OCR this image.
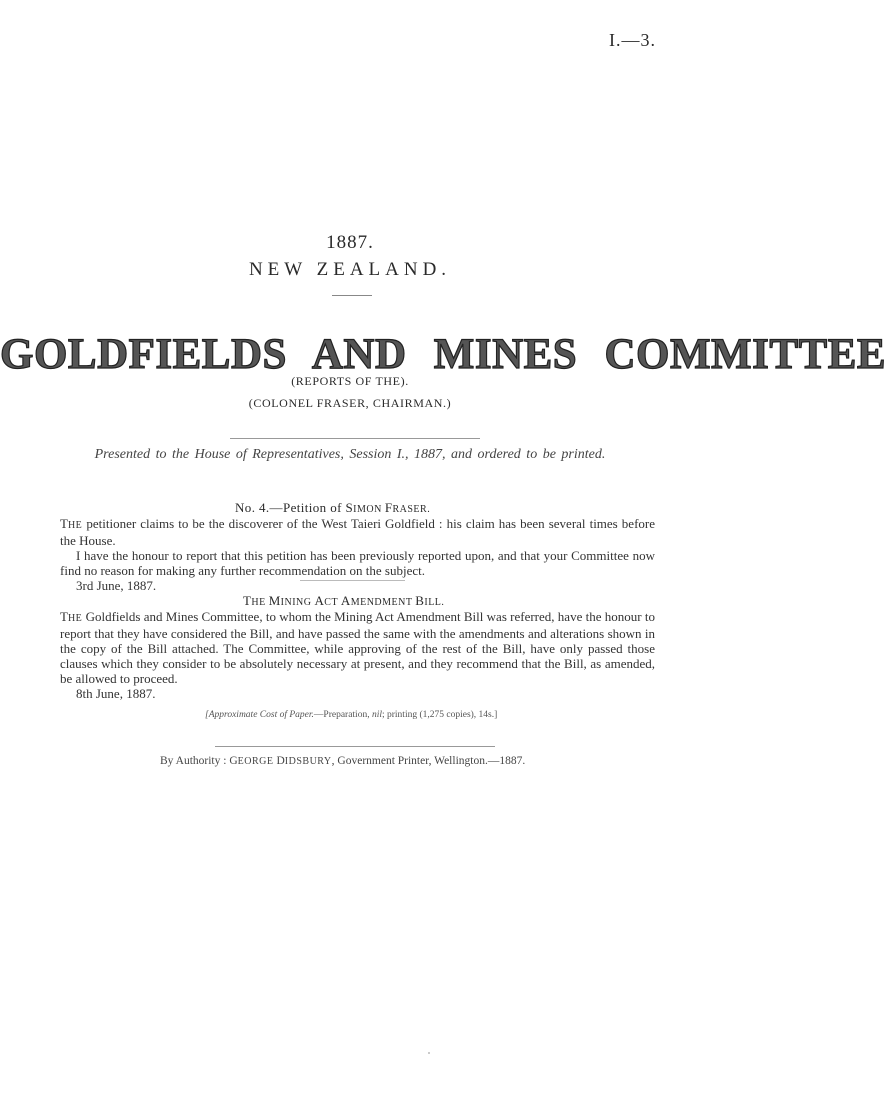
I.—3.
1887.
NEW ZEALAND.
GOLDFIELDS AND MINES COMMITTEE
(REPORTS OF THE).
(COLONEL FRASER, CHAIRMAN.)
Presented to the House of Representatives, Session I., 1887, and ordered to be printed.
No. 4.—Petition of SIMON FRASER.

THE petitioner claims to be the discoverer of the West Taieri Goldfield : his claim has been several times before the House.

I have the honour to report that this petition has been previously reported upon, and that your Committee now find no reason for making any further recommendation on the subject.

3rd June, 1887.

THE MINING ACT AMENDMENT BILL.

THE Goldfields and Mines Committee, to whom the Mining Act Amendment Bill was referred, have the honour to report that they have considered the Bill, and have passed the same with the amendments and alterations shown in the copy of the Bill attached. The Committee, while approving of the rest of the Bill, have only passed those clauses which they consider to be absolutely necessary at present, and they recommend that the Bill, as amended, be allowed to proceed.

8th June, 1887.

[Approximate Cost of Paper.—Preparation, nil; printing (1,275 copies), 14s.]
By Authority : GEORGE DIDSBURY, Government Printer, Wellington.—1887.
